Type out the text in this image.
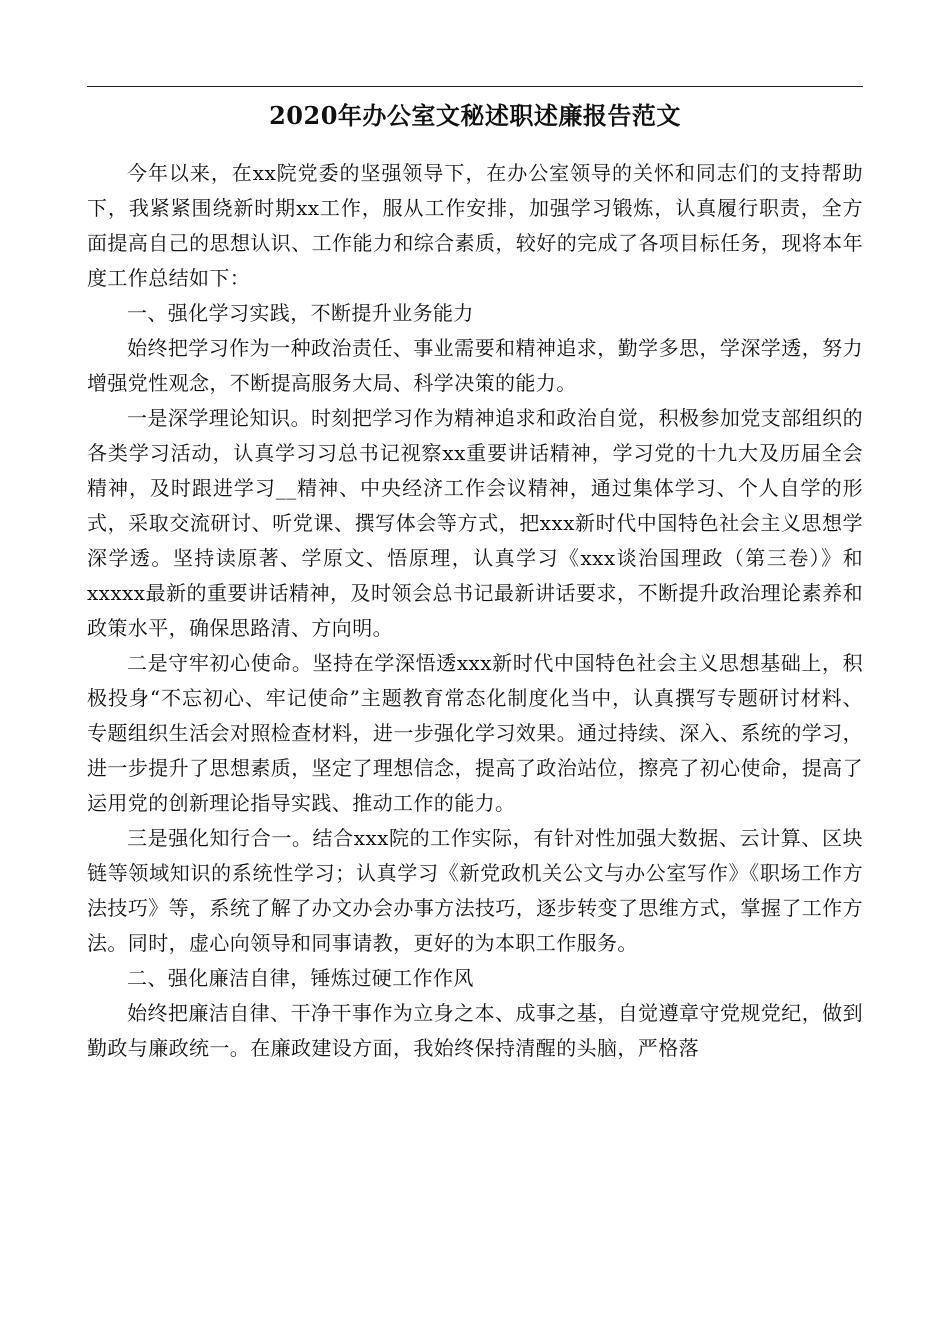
2020年办公室文秘述职述廉报告范文

今年以来，在xx院党委的坚强领导下，在办公室领导的关怀和同志们的支持帮助下，我紧紧围绕新时期xx工作，服从工作安排，加强学习锻炼，认真履行职责，全方面提高自己的思想认识、工作能力和综合素质，较好的完成了各项目标任务，现将本年度工作总结如下：

一、强化学习实践，不断提升业务能力

始终把学习作为一种政治责任、事业需要和精神追求，勤学多思，学深学透，努力增强党性观念，不断提高服务大局、科学决策的能力。

一是深学理论知识。时刻把学习作为精神追求和政治自觉，积极参加党支部组织的各类学习活动，认真学习习总书记视察xx重要讲话精神，学习党的十九大及历届全会精神，及时跟进学习__精神、中央经济工作会议精神，通过集体学习、个人自学的形式，采取交流研讨、听党课、撰写体会等方式，把xxx新时代中国特色社会主义思想学深学透。坚持读原著、学原文、悟原理，认真学习《xxx谈治国理政（第三卷）》和xxxxx最新的重要讲话精神，及时领会总书记最新讲话要求，不断提升政治理论素养和政策水平，确保思路清、方向明。

二是守牢初心使命。坚持在学深悟透xxx新时代中国特色社会主义思想基础上，积极投身“不忘初心、牢记使命”主题教育常态化制度化当中，认真撰写专题研讨材料、专题组织生活会对照检查材料，进一步强化学习效果。通过持续、深入、系统的学习，进一步提升了思想素质，坚定了理想信念，提高了政治站位，擦亮了初心使命，提高了运用党的创新理论指导实践、推动工作的能力。

三是强化知行合一。结合xxx院的工作实际，有针对性加强大数据、云计算、区块链等领域知识的系统性学习；认真学习《新党政机关公文与办公室写作》《职场工作方法技巧》等，系统了解了办文办会办事方法技巧，逐步转变了思维方式，掌握了工作方法。同时，虚心向领导和同事请教，更好的为本职工作服务。

二、强化廉洁自律，锤炼过硬工作作风

始终把廉洁自律、干净干事作为立身之本、成事之基，自觉遵章守党规党纪，做到勤政与廉政统一。在廉政建设方面，我始终保持清醒的头脑，严格落
